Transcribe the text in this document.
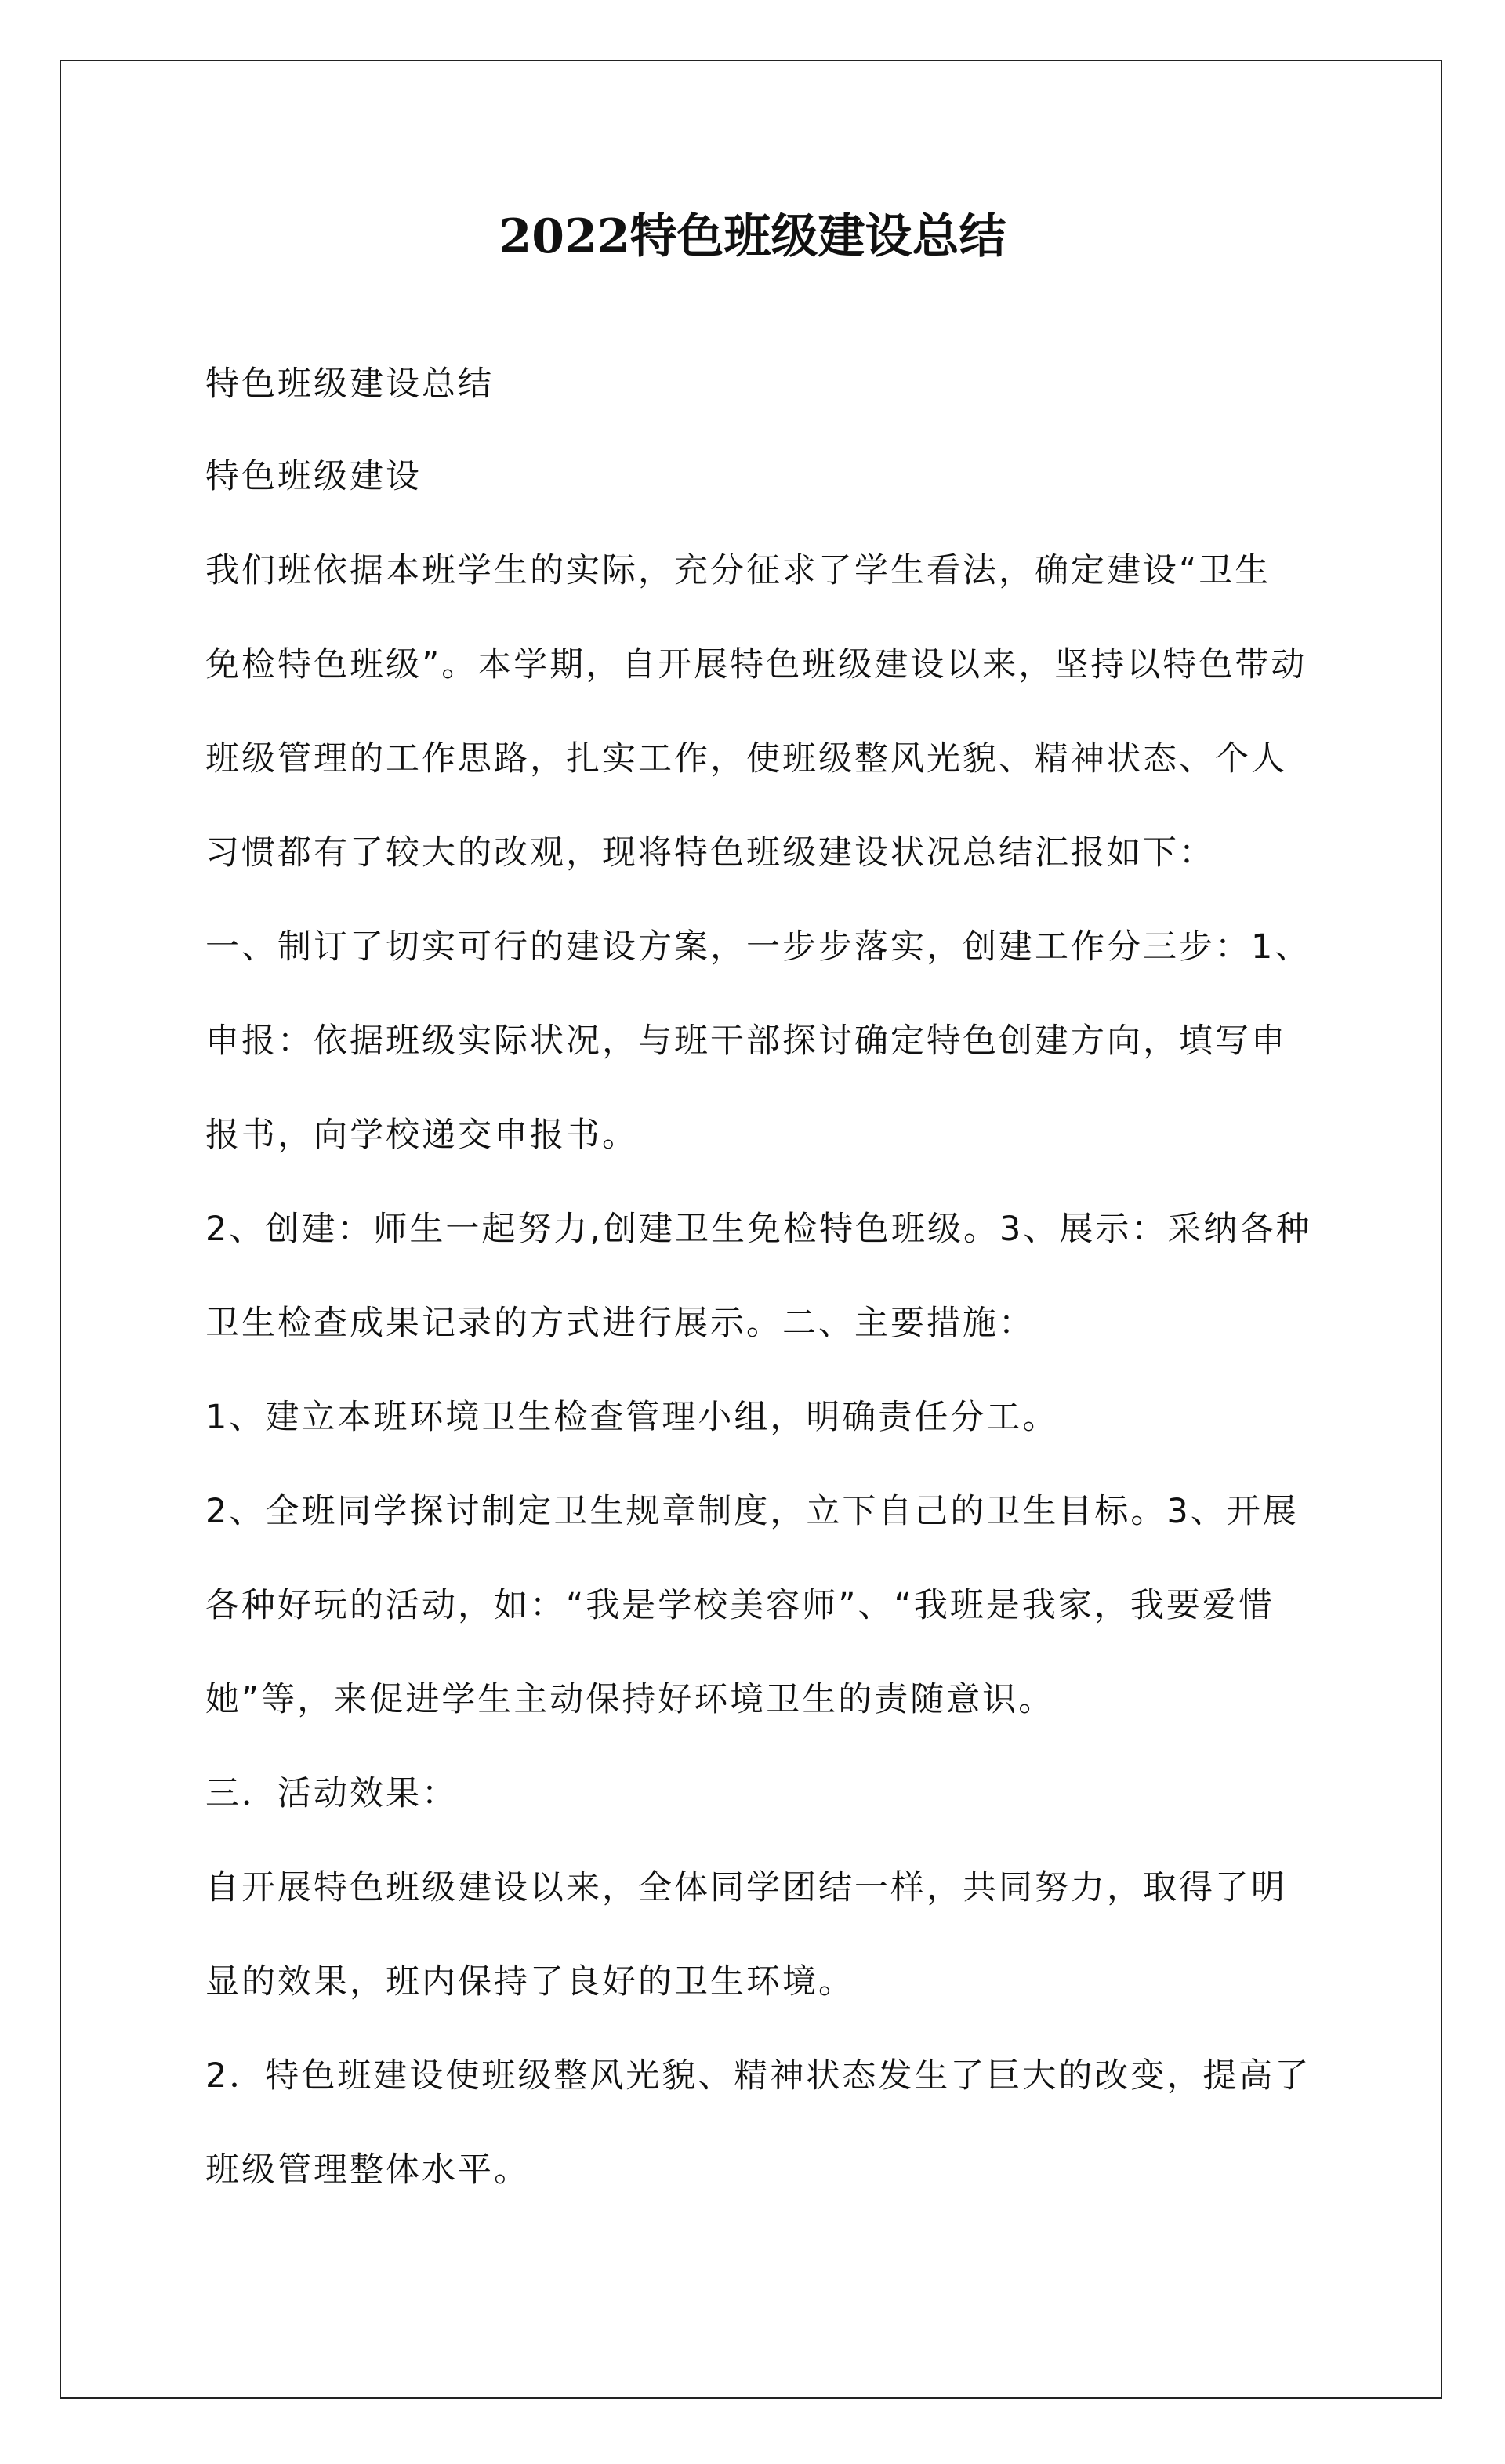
2022特色班级建设总结
特色班级建设总结
特色班级建设
我们班依据本班学生的实际，充分征求了学生看法，确定建设“卫生
免检特色班级”。本学期，自开展特色班级建设以来，坚持以特色带动
班级管理的工作思路，扎实工作，使班级整风光貌、精神状态、个人
习惯都有了较大的改观，现将特色班级建设状况总结汇报如下：
一、制订了切实可行的建设方案，一步步落实，创建工作分三步：1、
申报：依据班级实际状况，与班干部探讨确定特色创建方向，填写申
报书，向学校递交申报书。
2、创建：师生一起努力,创建卫生免检特色班级。3、展示：采纳各种
卫生检查成果记录的方式进行展示。二、主要措施：
1、建立本班环境卫生检查管理小组，明确责任分工。
2、全班同学探讨制定卫生规章制度，立下自己的卫生目标。3、开展
各种好玩的活动，如：“我是学校美容师”、“我班是我家，我要爱惜
她”等，来促进学生主动保持好环境卫生的责随意识。
三．活动效果：
自开展特色班级建设以来，全体同学团结一样，共同努力，取得了明
显的效果，班内保持了良好的卫生环境。
2．特色班建设使班级整风光貌、精神状态发生了巨大的改变，提高了
班级管理整体水平。
